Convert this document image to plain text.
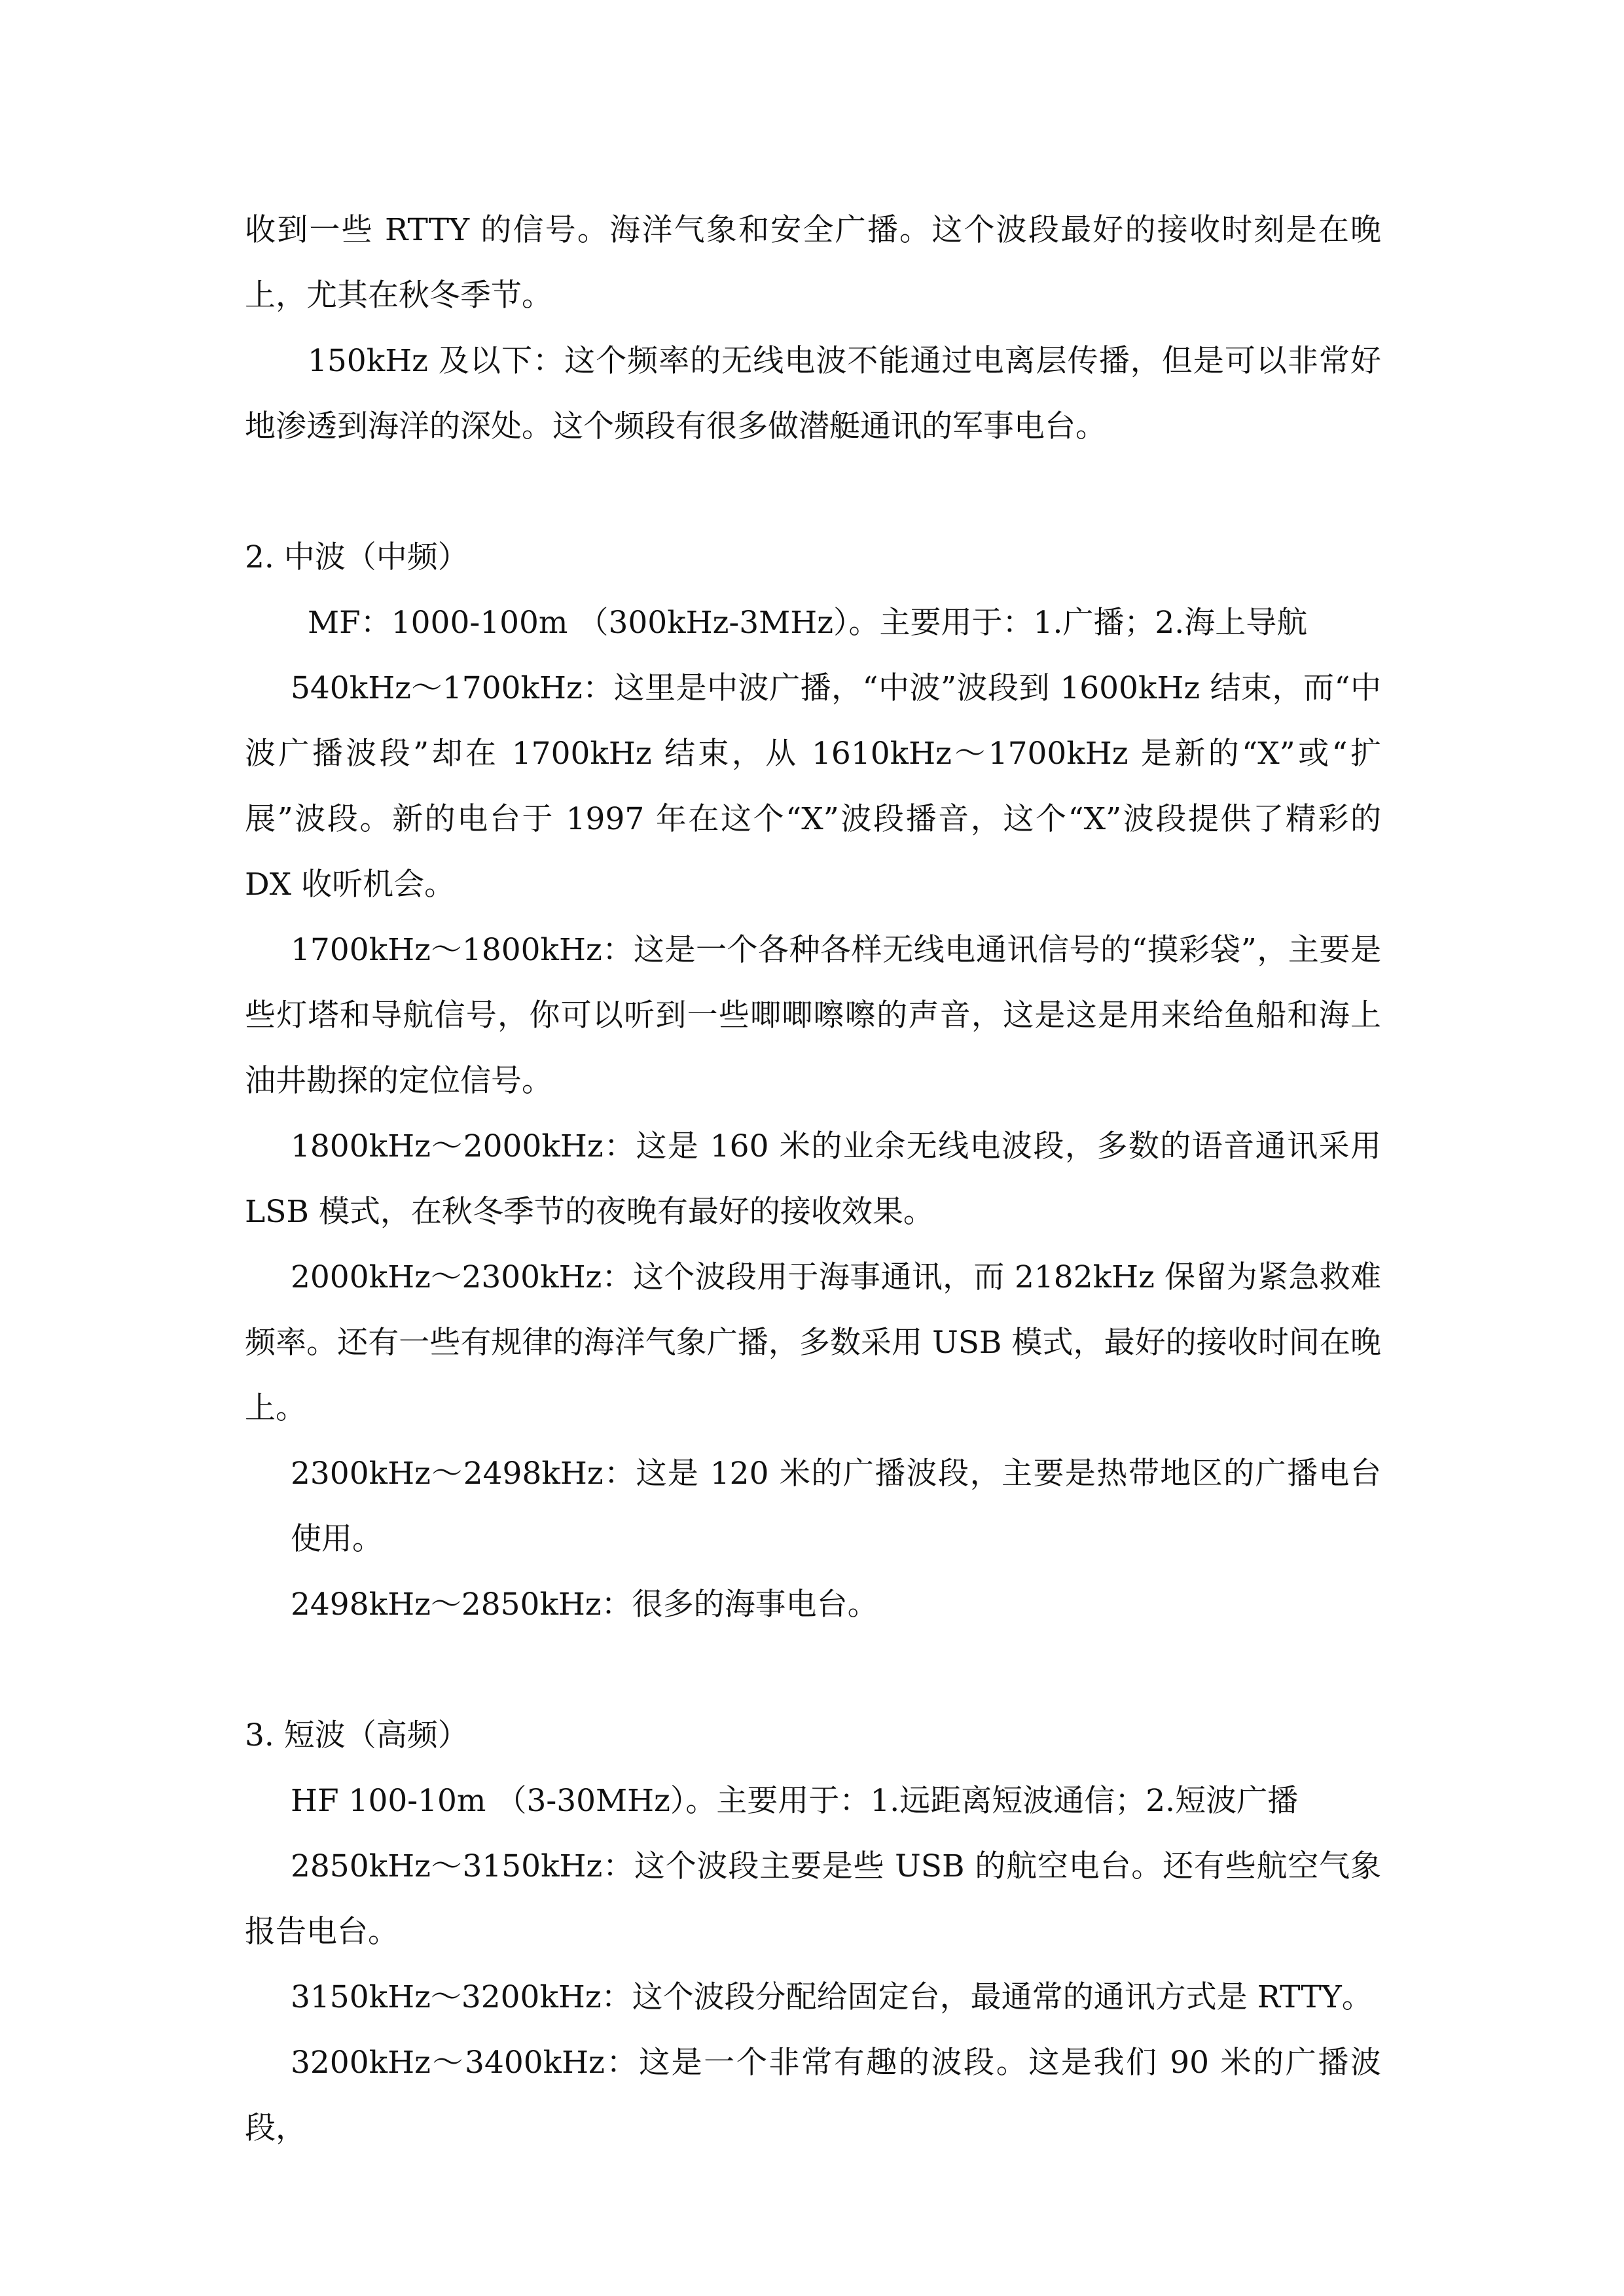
收到一些 RTTY 的信号。海洋气象和安全广播。这个波段最好的接收时刻是在晚上，尤其在秋冬季节。

150kHz 及以下：这个频率的无线电波不能通过电离层传播，但是可以非常好地渗透到海洋的深处。这个频段有很多做潜艇通讯的军事电台。

2. 中波（中频）

MF：1000-100m （300kHz-3MHz）。主要用于：1.广播；2.海上导航

540kHz～1700kHz：这里是中波广播，“中波”波段到 1600kHz 结束，而“中波广播波段”却在 1700kHz 结束，从 1610kHz～1700kHz 是新的“X”或“扩展”波段。新的电台于 1997 年在这个“X”波段播音，这个“X”波段提供了精彩的 DX 收听机会。

1700kHz～1800kHz：这是一个各种各样无线电通讯信号的“摸彩袋”，主要是些灯塔和导航信号，你可以听到一些唧唧嚓嚓的声音，这是这是用来给鱼船和海上油井勘探的定位信号。

1800kHz～2000kHz：这是 160 米的业余无线电波段，多数的语音通讯采用 LSB 模式，在秋冬季节的夜晚有最好的接收效果。

2000kHz～2300kHz：这个波段用于海事通讯，而 2182kHz 保留为紧急救难频率。还有一些有规律的海洋气象广播，多数采用 USB 模式，最好的接收时间在晚上。

2300kHz～2498kHz：这是 120 米的广播波段，主要是热带地区的广播电台使用。

2498kHz～2850kHz：很多的海事电台。

3. 短波（高频）

HF 100-10m （3-30MHz）。主要用于：1.远距离短波通信；2.短波广播

2850kHz～3150kHz：这个波段主要是些 USB 的航空电台。还有些航空气象报告电台。

3150kHz～3200kHz：这个波段分配给固定台，最通常的通讯方式是 RTTY。

3200kHz～3400kHz：这是一个非常有趣的波段。这是我们 90 米的广播波段，
